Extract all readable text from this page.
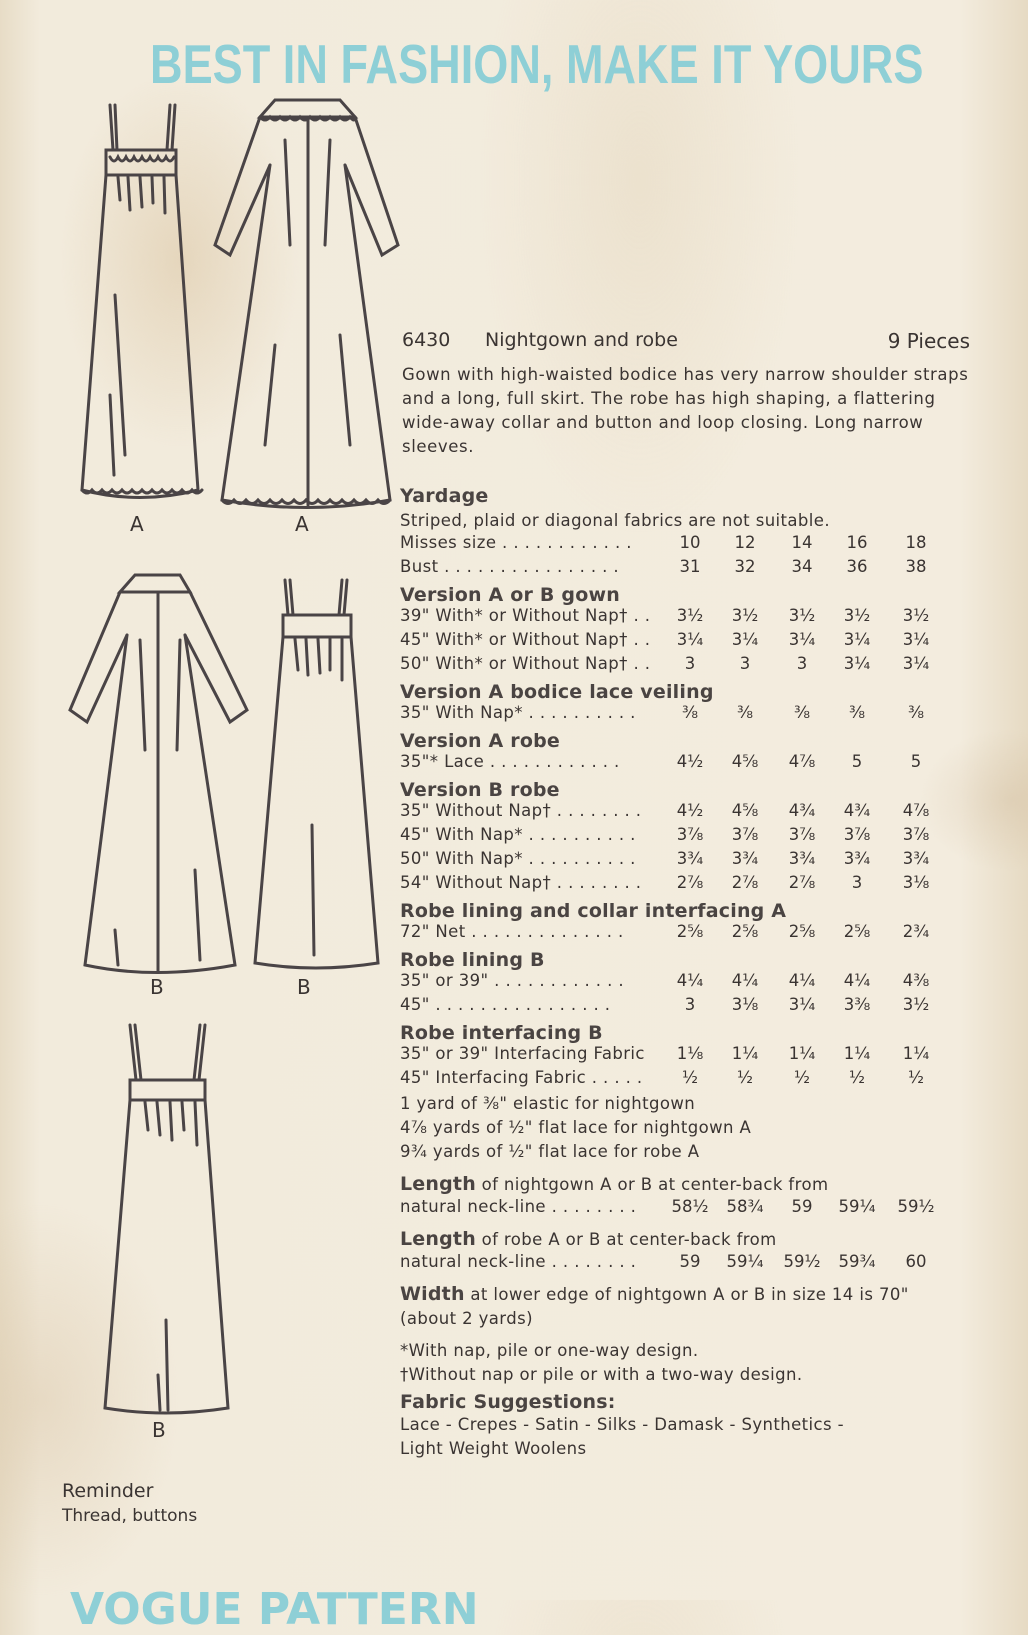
BEST IN FASHION, MAKE IT YOURS
A	A
B	B
B
6430 Nightgown and robe	9 Pieces
Gown with high-waisted bodice has very narrow shoulder straps and a long, full skirt. The robe has high shaping, a flattering wide-away collar and button and loop closing. Long narrow sleeves.
Yardage
Striped, plaid or diagonal fabrics are not suitable.
Misses size . . . . . . . . . . . .	10	12	14	16	18
Bust . . . . . . . . . . . . . . . .	31	32	34	36	38
Version A or B gown
39" With* or Without Nap† . .	3½	3½	3½	3½	3½
45" With* or Without Nap† . .	3¼	3¼	3¼	3¼	3¼
50" With* or Without Nap† . .	3	3	3	3¼	3¼
Version A bodice lace veiling
35" With Nap* . . . . . . . . . .	⅜	⅜	⅜	⅜	⅜
Version A robe
35"* Lace . . . . . . . . . . . .	4½	4⅝	4⅞	5	5
Version B robe
35" Without Nap† . . . . . . . .	4½	4⅝	4¾	4¾	4⅞
45" With Nap* . . . . . . . . . .	3⅞	3⅞	3⅞	3⅞	3⅞
50" With Nap* . . . . . . . . . .	3¾	3¾	3¾	3¾	3¾
54" Without Nap† . . . . . . . .	2⅞	2⅞	2⅞	3	3⅛
Robe lining and collar interfacing A
72" Net . . . . . . . . . . . . . .	2⅝	2⅝	2⅝	2⅝	2¾
Robe lining B
35" or 39" . . . . . . . . . . . .	4¼	4¼	4¼	4¼	4⅜
45" . . . . . . . . . . . . . . . .	3	3⅛	3¼	3⅜	3½
Robe interfacing B
35" or 39" Interfacing Fabric	1⅛	1¼	1¼	1¼	1¼
45" Interfacing Fabric . . . . .	½	½	½	½	½
1 yard of ⅜" elastic for nightgown
4⅞ yards of ½" flat lace for nightgown A
9¾ yards of ½" flat lace for robe A
Length of nightgown A or B at center-back from
natural neck-line . . . . . . . .	58½	58¾	59	59¼	59½
Length of robe A or B at center-back from
natural neck-line . . . . . . . .	59	59¼	59½	59¾	60
Width at lower edge of nightgown A or B in size 14 is 70"
(about 2 yards)
*With nap, pile or one-way design.
†Without nap or pile or with a two-way design.
Fabric Suggestions:
Lace - Crepes - Satin - Silks - Damask - Synthetics -
Light Weight Woolens
Reminder
Thread, buttons
VOGUE PATTERN
